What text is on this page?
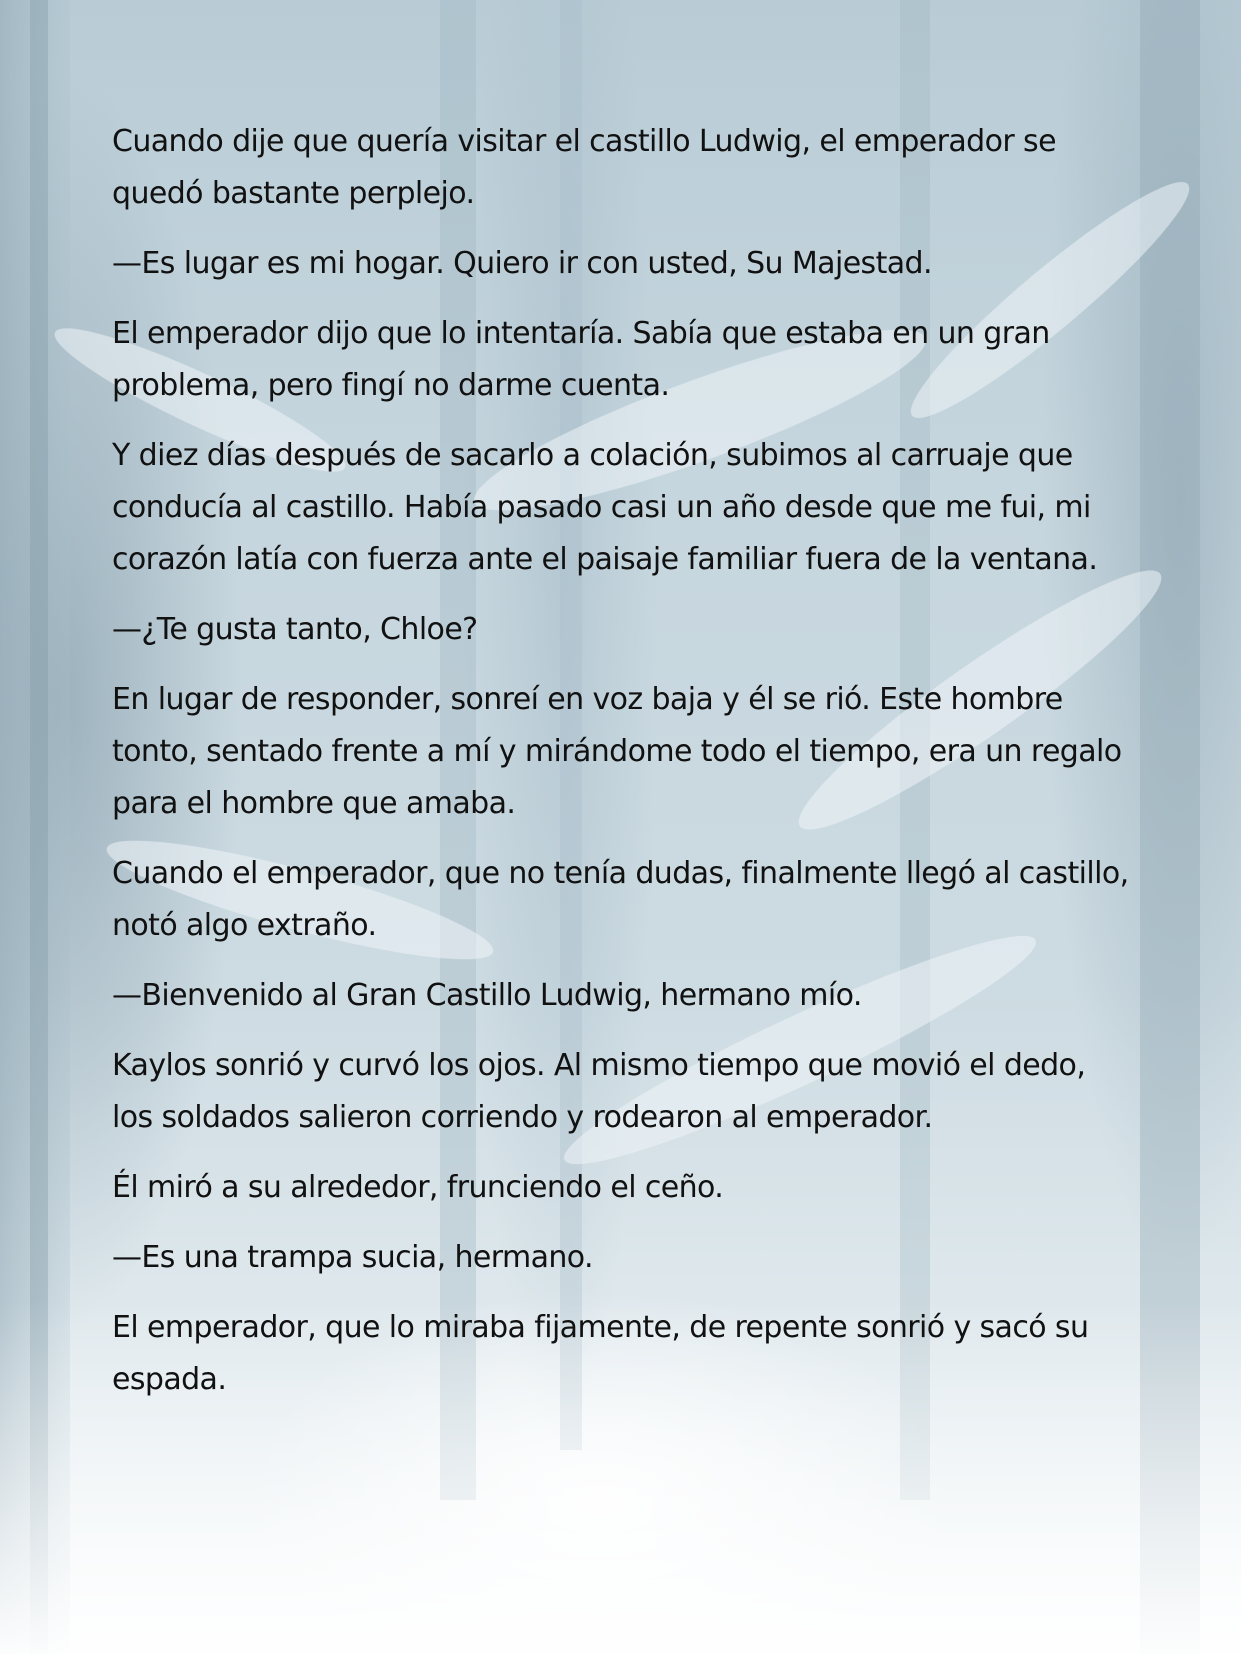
Cuando dije que quería visitar el castillo Ludwig, el emperador se quedó bastante perplejo.

—Es lugar es mi hogar. Quiero ir con usted, Su Majestad.

El emperador dijo que lo intentaría. Sabía que estaba en un gran problema, pero fingí no darme cuenta.

Y diez días después de sacarlo a colación, subimos al carruaje que conducía al castillo. Había pasado casi un año desde que me fui, mi corazón latía con fuerza ante el paisaje familiar fuera de la ventana.

—¿Te gusta tanto, Chloe?

En lugar de responder, sonreí en voz baja y él se rió. Este hombre tonto, sentado frente a mí y mirándome todo el tiempo, era un regalo para el hombre que amaba.

Cuando el emperador, que no tenía dudas, finalmente llegó al castillo, notó algo extraño.

—Bienvenido al Gran Castillo Ludwig, hermano mío.

Kaylos sonrió y curvó los ojos. Al mismo tiempo que movió el dedo, los soldados salieron corriendo y rodearon al emperador.

Él miró a su alrededor, frunciendo el ceño.

—Es una trampa sucia, hermano.

El emperador, que lo miraba fijamente, de repente sonrió y sacó su espada.
